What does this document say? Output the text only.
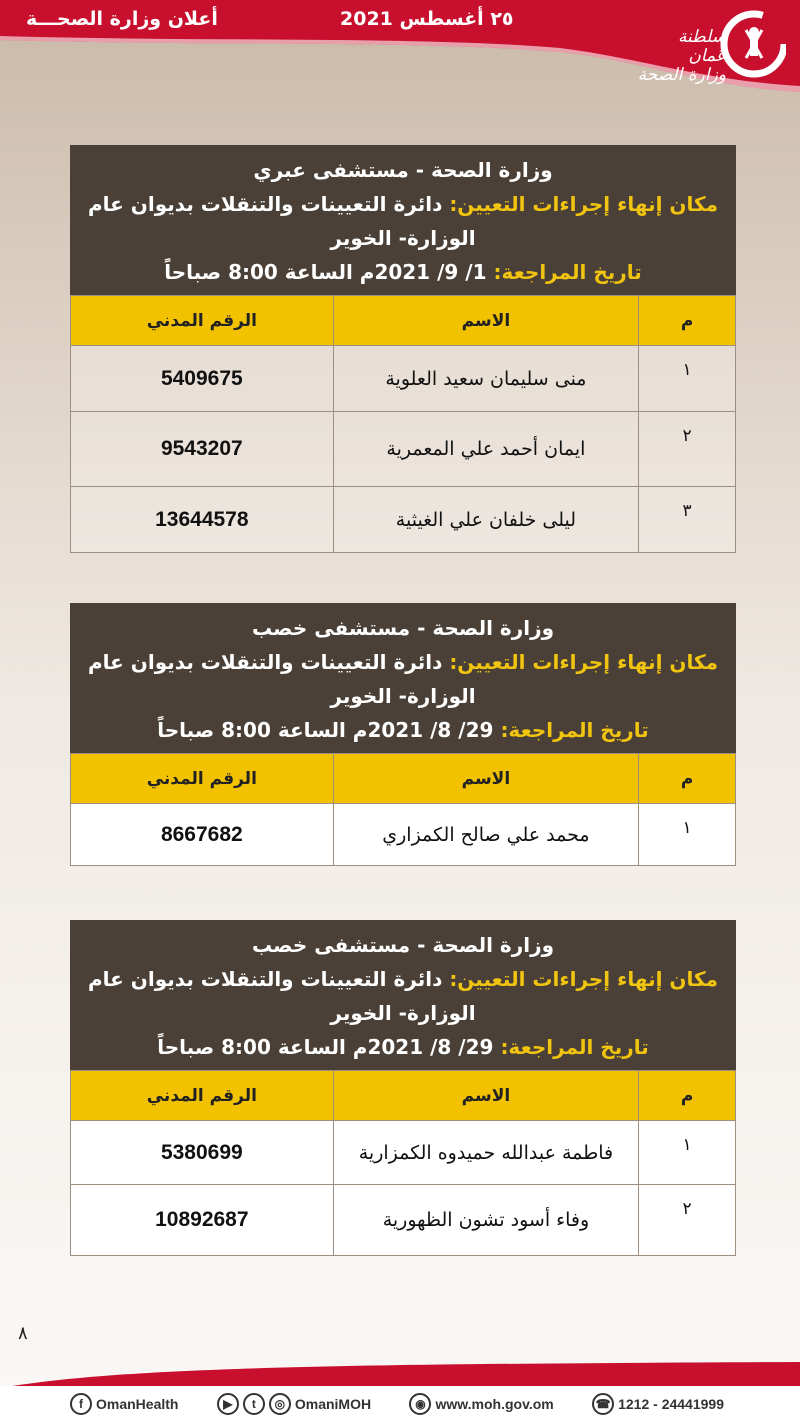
أعلان وزارة الصحـــة	٢٥ أغسطس 2021
سلطنة عُمان
وزارة الصحة
وزارة الصحة - مستشفى عبري
مكان إنهاء إجراءات التعيين: دائرة التعيينات والتنقلات بديوان عام
الوزارة- الخوير
تاريخ المراجعة: 1/ 9/ 2021م الساعة 8:00 صباحاً
م	الاسم	الرقم المدني
١	منى سليمان سعيد العلوية	5409675
٢	ايمان أحمد علي المعمرية	9543207
٣	ليلى خلفان علي الغيثية	13644578
وزارة الصحة - مستشفى خصب
مكان إنهاء إجراءات التعيين: دائرة التعيينات والتنقلات بديوان عام
الوزارة- الخوير
تاريخ المراجعة: 29/ 8/ 2021م الساعة 8:00 صباحاً
م	الاسم	الرقم المدني
١	محمد علي صالح الكمزاري	8667682
وزارة الصحة - مستشفى خصب
مكان إنهاء إجراءات التعيين: دائرة التعيينات والتنقلات بديوان عام
الوزارة- الخوير
تاريخ المراجعة: 29/ 8/ 2021م الساعة 8:00 صباحاً
م	الاسم	الرقم المدني
١	فاطمة عبدالله حميدوه الكمزارية	5380699
٢	وفاء أسود تشون الظهورية	10892687
٨
f OmanHealth	▶	t	◎ OmaniMOH	◉ www.moh.gov.om	☎ 1212 - 24441999
